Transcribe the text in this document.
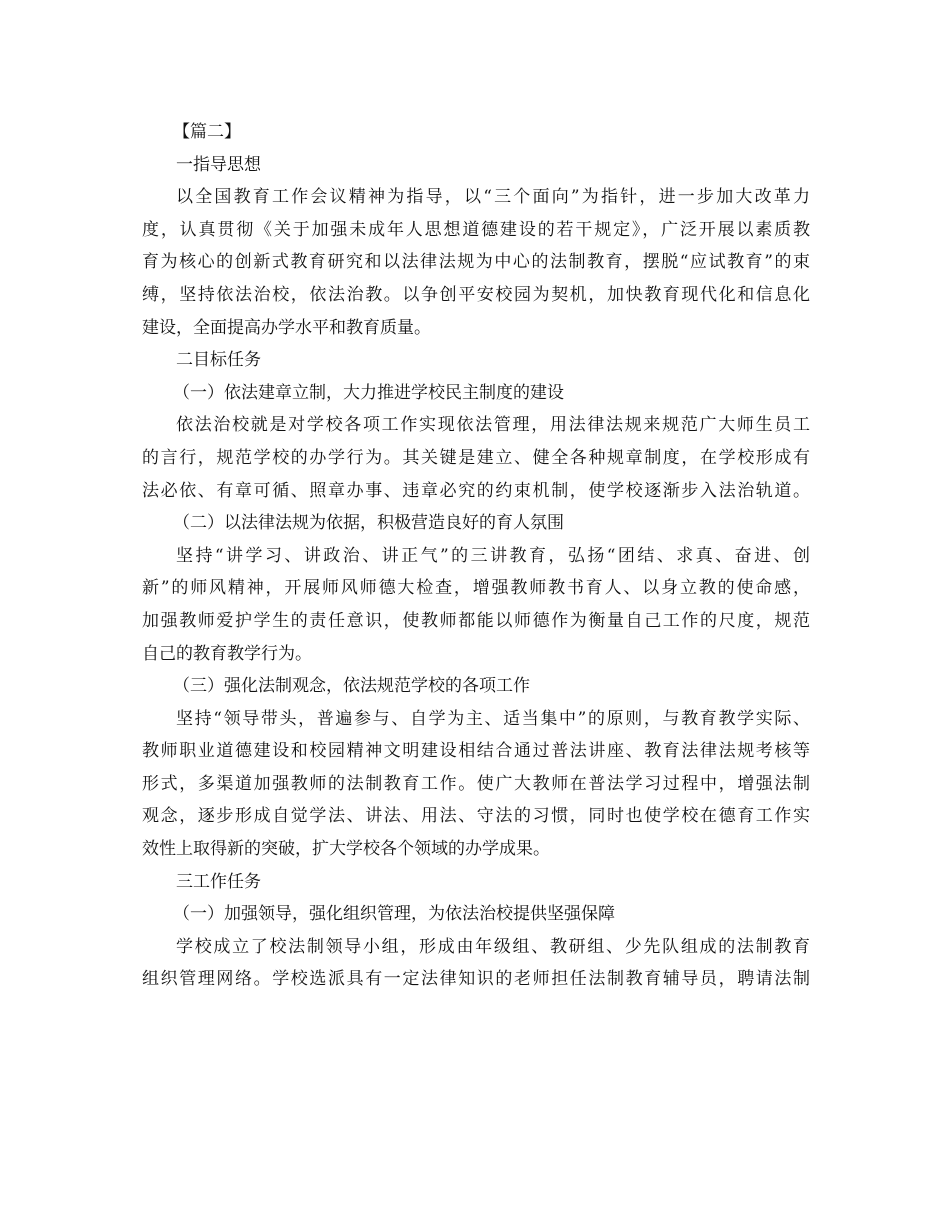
【篇二】
一指导思想
以全国教育工作会议精神为指导，以“三个面向”为指针，进一步加大改革力
度，认真贯彻《关于加强未成年人思想道德建设的若干规定》，广泛开展以素质教
育为核心的创新式教育研究和以法律法规为中心的法制教育，摆脱“应试教育”的束
缚，坚持依法治校，依法治教。以争创平安校园为契机，加快教育现代化和信息化
建设，全面提高办学水平和教育质量。
二目标任务
（一）依法建章立制，大力推进学校民主制度的建设
依法治校就是对学校各项工作实现依法管理，用法律法规来规范广大师生员工
的言行，规范学校的办学行为。其关键是建立、健全各种规章制度，在学校形成有
法必依、有章可循、照章办事、违章必究的约束机制，使学校逐渐步入法治轨道。
（二）以法律法规为依据，积极营造良好的育人氛围
坚持“讲学习、讲政治、讲正气”的三讲教育，弘扬“团结、求真、奋进、创
新”的师风精神，开展师风师德大检查，增强教师教书育人、以身立教的使命感，
加强教师爱护学生的责任意识，使教师都能以师德作为衡量自己工作的尺度，规范
自己的教育教学行为。
（三）强化法制观念，依法规范学校的各项工作
坚持“领导带头，普遍参与、自学为主、适当集中”的原则，与教育教学实际、
教师职业道德建设和校园精神文明建设相结合通过普法讲座、教育法律法规考核等
形式，多渠道加强教师的法制教育工作。使广大教师在普法学习过程中，增强法制
观念，逐步形成自觉学法、讲法、用法、守法的习惯，同时也使学校在德育工作实
效性上取得新的突破，扩大学校各个领域的办学成果。
三工作任务
（一）加强领导，强化组织管理，为依法治校提供坚强保障
学校成立了校法制领导小组，形成由年级组、教研组、少先队组成的法制教育
组织管理网络。学校选派具有一定法律知识的老师担任法制教育辅导员，聘请法制
